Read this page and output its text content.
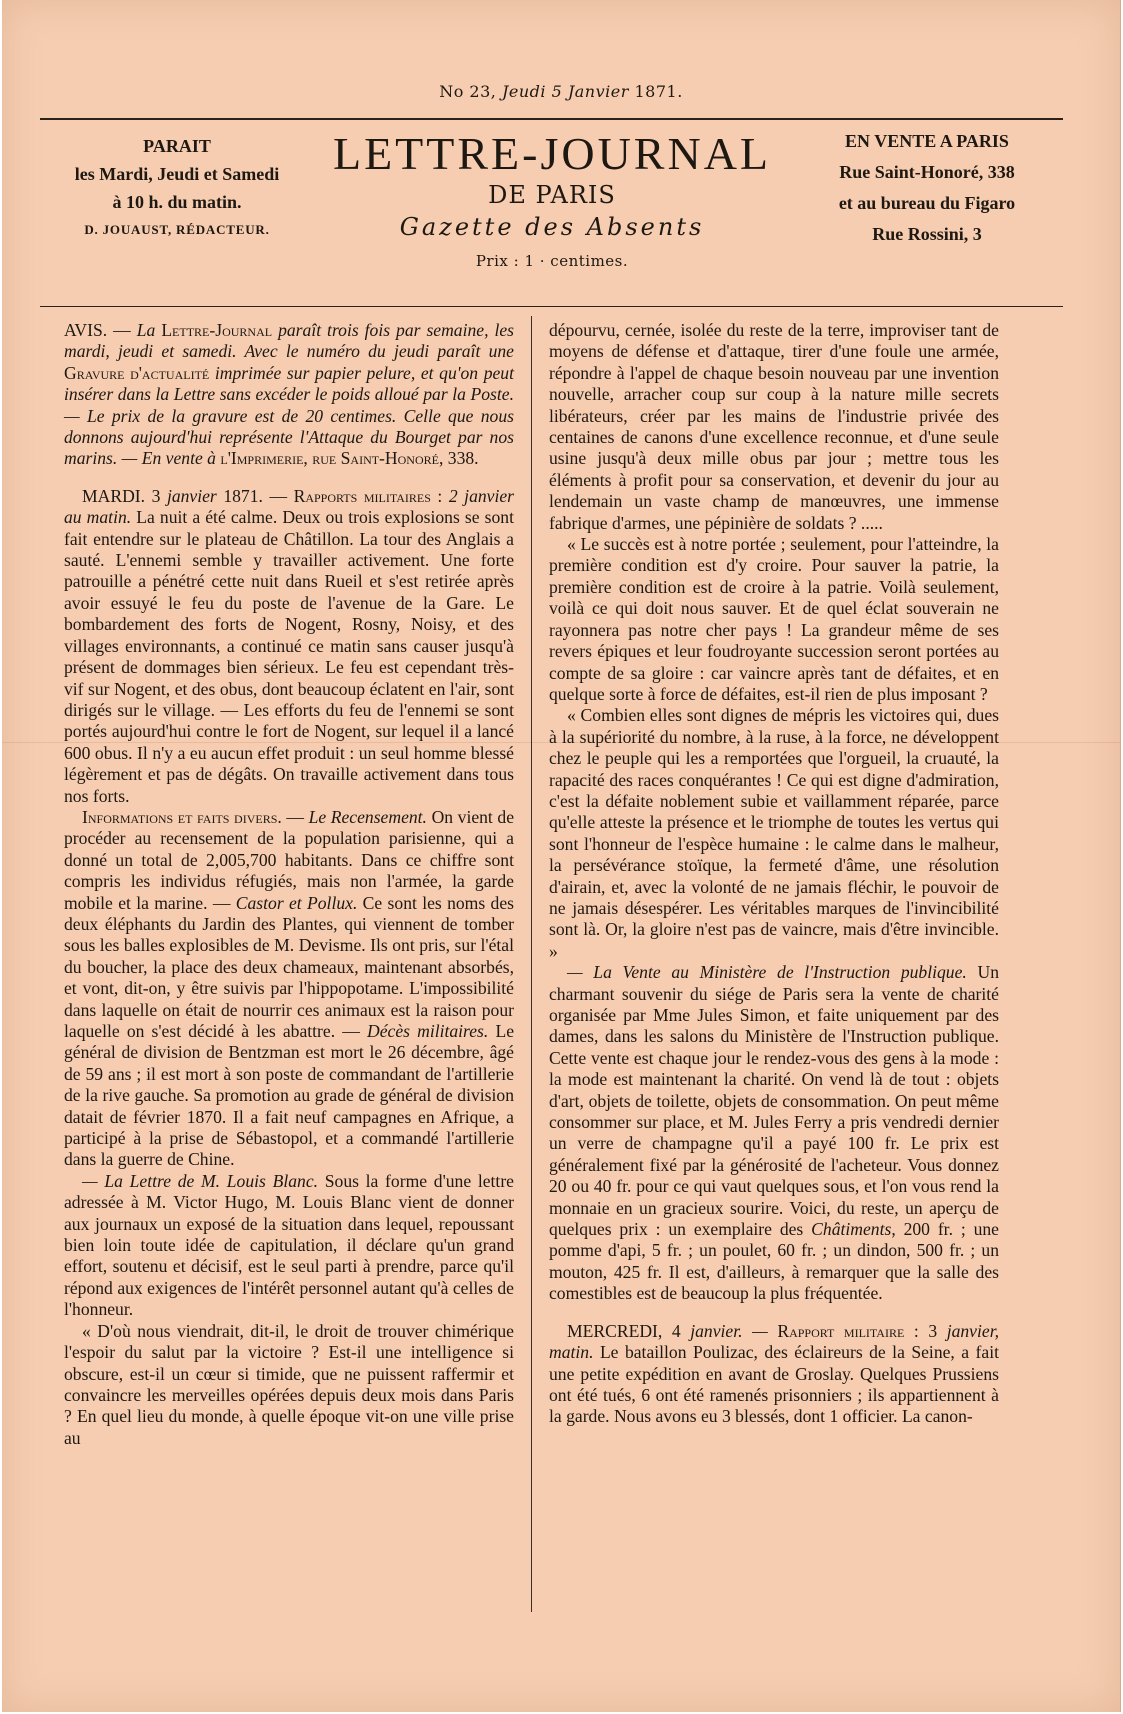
No 23, Jeudi 5 Janvier 1871.
PARAIT
les Mardi, Jeudi et Samedi
à 10 h. du matin.
D. JOUAUST, RÉDACTEUR.
LETTRE-JOURNAL
DE PARIS
Gazette des Absents
Prix : 1 · centimes.
EN VENTE A PARIS
Rue Saint-Honoré, 338
et au bureau du Figaro
Rue Rossini, 3

AVIS. — La Lettre-Journal paraît trois fois par semaine, les mardi, jeudi et samedi. Avec le numéro du jeudi paraît une Gravure d'actualité imprimée sur papier pelure, et qu'on peut insérer dans la Lettre sans excéder le poids alloué par la Poste. — Le prix de la gravure est de 20 centimes. Celle que nous donnons aujourd'hui représente l'Attaque du Bourget par nos marins. — En vente à l'Imprimerie, rue Saint-Honoré, 338.

MARDI. 3 janvier 1871. — Rapports militaires : 2 janvier au matin. La nuit a été calme. Deux ou trois explosions se sont fait entendre sur le plateau de Châtillon. La tour des Anglais a sauté. L'ennemi semble y travailler activement. Une forte patrouille a pénétré cette nuit dans Rueil et s'est retirée après avoir essuyé le feu du poste de l'avenue de la Gare. Le bombardement des forts de Nogent, Rosny, Noisy, et des villages environnants, a continué ce matin sans causer jusqu'à présent de dommages bien sérieux. Le feu est cependant très-vif sur Nogent, et des obus, dont beaucoup éclatent en l'air, sont dirigés sur le village. — Les efforts du feu de l'ennemi se sont portés aujourd'hui contre le fort de Nogent, sur lequel il a lancé 600 obus. Il n'y a eu aucun effet produit : un seul homme blessé légèrement et pas de dégâts. On travaille activement dans tous nos forts.

Informations et faits divers. — Le Recensement. On vient de procéder au recensement de la population parisienne, qui a donné un total de 2,005,700 habitants. Dans ce chiffre sont compris les individus réfugiés, mais non l'armée, la garde mobile et la marine. — Castor et Pollux. Ce sont les noms des deux éléphants du Jardin des Plantes, qui viennent de tomber sous les balles explosibles de M. Devisme. Ils ont pris, sur l'étal du boucher, la place des deux chameaux, maintenant absorbés, et vont, dit-on, y être suivis par l'hippopotame. L'impossibilité dans laquelle on était de nourrir ces animaux est la raison pour laquelle on s'est décidé à les abattre. — Décès militaires. Le général de division de Bentzman est mort le 26 décembre, âgé de 59 ans ; il est mort à son poste de commandant de l'artillerie de la rive gauche. Sa promotion au grade de général de division datait de février 1870. Il a fait neuf campagnes en Afrique, a participé à la prise de Sébastopol, et a commandé l'artillerie dans la guerre de Chine.

— La Lettre de M. Louis Blanc. Sous la forme d'une lettre adressée à M. Victor Hugo, M. Louis Blanc vient de donner aux journaux un exposé de la situation dans lequel, repoussant bien loin toute idée de capitulation, il déclare qu'un grand effort, soutenu et décisif, est le seul parti à prendre, parce qu'il répond aux exigences de l'intérêt personnel autant qu'à celles de l'honneur.

« D'où nous viendrait, dit-il, le droit de trouver chimérique l'espoir du salut par la victoire ? Est-il une intelligence si obscure, est-il un cœur si timide, que ne puissent raffermir et convaincre les merveilles opérées depuis deux mois dans Paris ? En quel lieu du monde, à quelle époque vit-on une ville prise au

dépourvu, cernée, isolée du reste de la terre, improviser tant de moyens de défense et d'attaque, tirer d'une foule une armée, répondre à l'appel de chaque besoin nouveau par une invention nouvelle, arracher coup sur coup à la nature mille secrets libérateurs, créer par les mains de l'industrie privée des centaines de canons d'une excellence reconnue, et d'une seule usine jusqu'à deux mille obus par jour ; mettre tous les éléments à profit pour sa conservation, et devenir du jour au lendemain un vaste champ de manœuvres, une immense fabrique d'armes, une pépinière de soldats ? .....

« Le succès est à notre portée ; seulement, pour l'atteindre, la première condition est d'y croire. Pour sauver la patrie, la première condition est de croire à la patrie. Voilà seulement, voilà ce qui doit nous sauver. Et de quel éclat souverain ne rayonnera pas notre cher pays ! La grandeur même de ses revers épiques et leur foudroyante succession seront portées au compte de sa gloire : car vaincre après tant de défaites, et en quelque sorte à force de défaites, est-il rien de plus imposant ?

« Combien elles sont dignes de mépris les victoires qui, dues à la supériorité du nombre, à la ruse, à la force, ne développent chez le peuple qui les a remportées que l'orgueil, la cruauté, la rapacité des races conquérantes ! Ce qui est digne d'admiration, c'est la défaite noblement subie et vaillamment réparée, parce qu'elle atteste la présence et le triomphe de toutes les vertus qui sont l'honneur de l'espèce humaine : le calme dans le malheur, la persévérance stoïque, la fermeté d'âme, une résolution d'airain, et, avec la volonté de ne jamais fléchir, le pouvoir de ne jamais désespérer. Les véritables marques de l'invincibilité sont là. Or, la gloire n'est pas de vaincre, mais d'être invincible. »

— La Vente au Ministère de l'Instruction publique. Un charmant souvenir du siége de Paris sera la vente de charité organisée par Mme Jules Simon, et faite uniquement par des dames, dans les salons du Ministère de l'Instruction publique. Cette vente est chaque jour le rendez-vous des gens à la mode : la mode est maintenant la charité. On vend là de tout : objets d'art, objets de toilette, objets de consommation. On peut même consommer sur place, et M. Jules Ferry a pris vendredi dernier un verre de champagne qu'il a payé 100 fr. Le prix est généralement fixé par la générosité de l'acheteur. Vous donnez 20 ou 40 fr. pour ce qui vaut quelques sous, et l'on vous rend la monnaie en un gracieux sourire. Voici, du reste, un aperçu de quelques prix : un exemplaire des Châtiments, 200 fr. ; une pomme d'api, 5 fr. ; un poulet, 60 fr. ; un dindon, 500 fr. ; un mouton, 425 fr. Il est, d'ailleurs, à remarquer que la salle des comestibles est de beaucoup la plus fréquentée.

MERCREDI, 4 janvier. — Rapport militaire : 3 janvier, matin. Le bataillon Poulizac, des éclaireurs de la Seine, a fait une petite expédition en avant de Groslay. Quelques Prussiens ont été tués, 6 ont été ramenés prisonniers ; ils appartiennent à la garde. Nous avons eu 3 blessés, dont 1 officier. La canon-
